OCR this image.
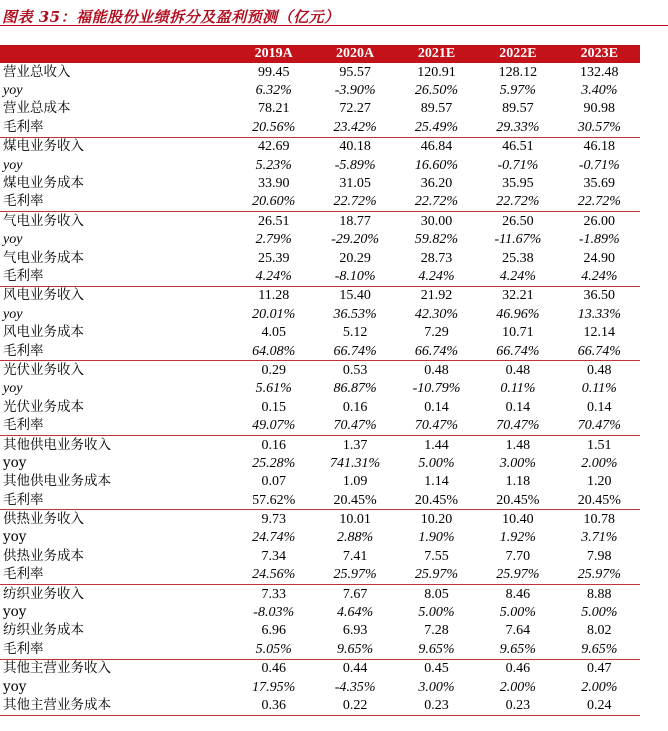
图表 35：福能股份业绩拆分及盈利预测（亿元）
	2019A	2020A	2021E	2022E	2023E
营业总收入	99.45	95.57	120.91	128.12	132.48
yoy	6.32%	-3.90%	26.50%	5.97%	3.40%
营业总成本	78.21	72.27	89.57	89.57	90.98
毛利率	20.56%	23.42%	25.49%	29.33%	30.57%
煤电业务收入	42.69	40.18	46.84	46.51	46.18
yoy	5.23%	-5.89%	16.60%	-0.71%	-0.71%
煤电业务成本	33.90	31.05	36.20	35.95	35.69
毛利率	20.60%	22.72%	22.72%	22.72%	22.72%
气电业务收入	26.51	18.77	30.00	26.50	26.00
yoy	2.79%	-29.20%	59.82%	-11.67%	-1.89%
气电业务成本	25.39	20.29	28.73	25.38	24.90
毛利率	4.24%	-8.10%	4.24%	4.24%	4.24%
风电业务收入	11.28	15.40	21.92	32.21	36.50
yoy	20.01%	36.53%	42.30%	46.96%	13.33%
风电业务成本	4.05	5.12	7.29	10.71	12.14
毛利率	64.08%	66.74%	66.74%	66.74%	66.74%
光伏业务收入	0.29	0.53	0.48	0.48	0.48
yoy	5.61%	86.87%	-10.79%	0.11%	0.11%
光伏业务成本	0.15	0.16	0.14	0.14	0.14
毛利率	49.07%	70.47%	70.47%	70.47%	70.47%
其他供电业务收入	0.16	1.37	1.44	1.48	1.51
yoy	25.28%	741.31%	5.00%	3.00%	2.00%
其他供电业务成本	0.07	1.09	1.14	1.18	1.20
毛利率	57.62%	20.45%	20.45%	20.45%	20.45%
供热业务收入	9.73	10.01	10.20	10.40	10.78
yoy	24.74%	2.88%	1.90%	1.92%	3.71%
供热业务成本	7.34	7.41	7.55	7.70	7.98
毛利率	24.56%	25.97%	25.97%	25.97%	25.97%
纺织业务收入	7.33	7.67	8.05	8.46	8.88
yoy	-8.03%	4.64%	5.00%	5.00%	5.00%
纺织业务成本	6.96	6.93	7.28	7.64	8.02
毛利率	5.05%	9.65%	9.65%	9.65%	9.65%
其他主营业务收入	0.46	0.44	0.45	0.46	0.47
yoy	17.95%	-4.35%	3.00%	2.00%	2.00%
其他主营业务成本	0.36	0.22	0.23	0.23	0.24
